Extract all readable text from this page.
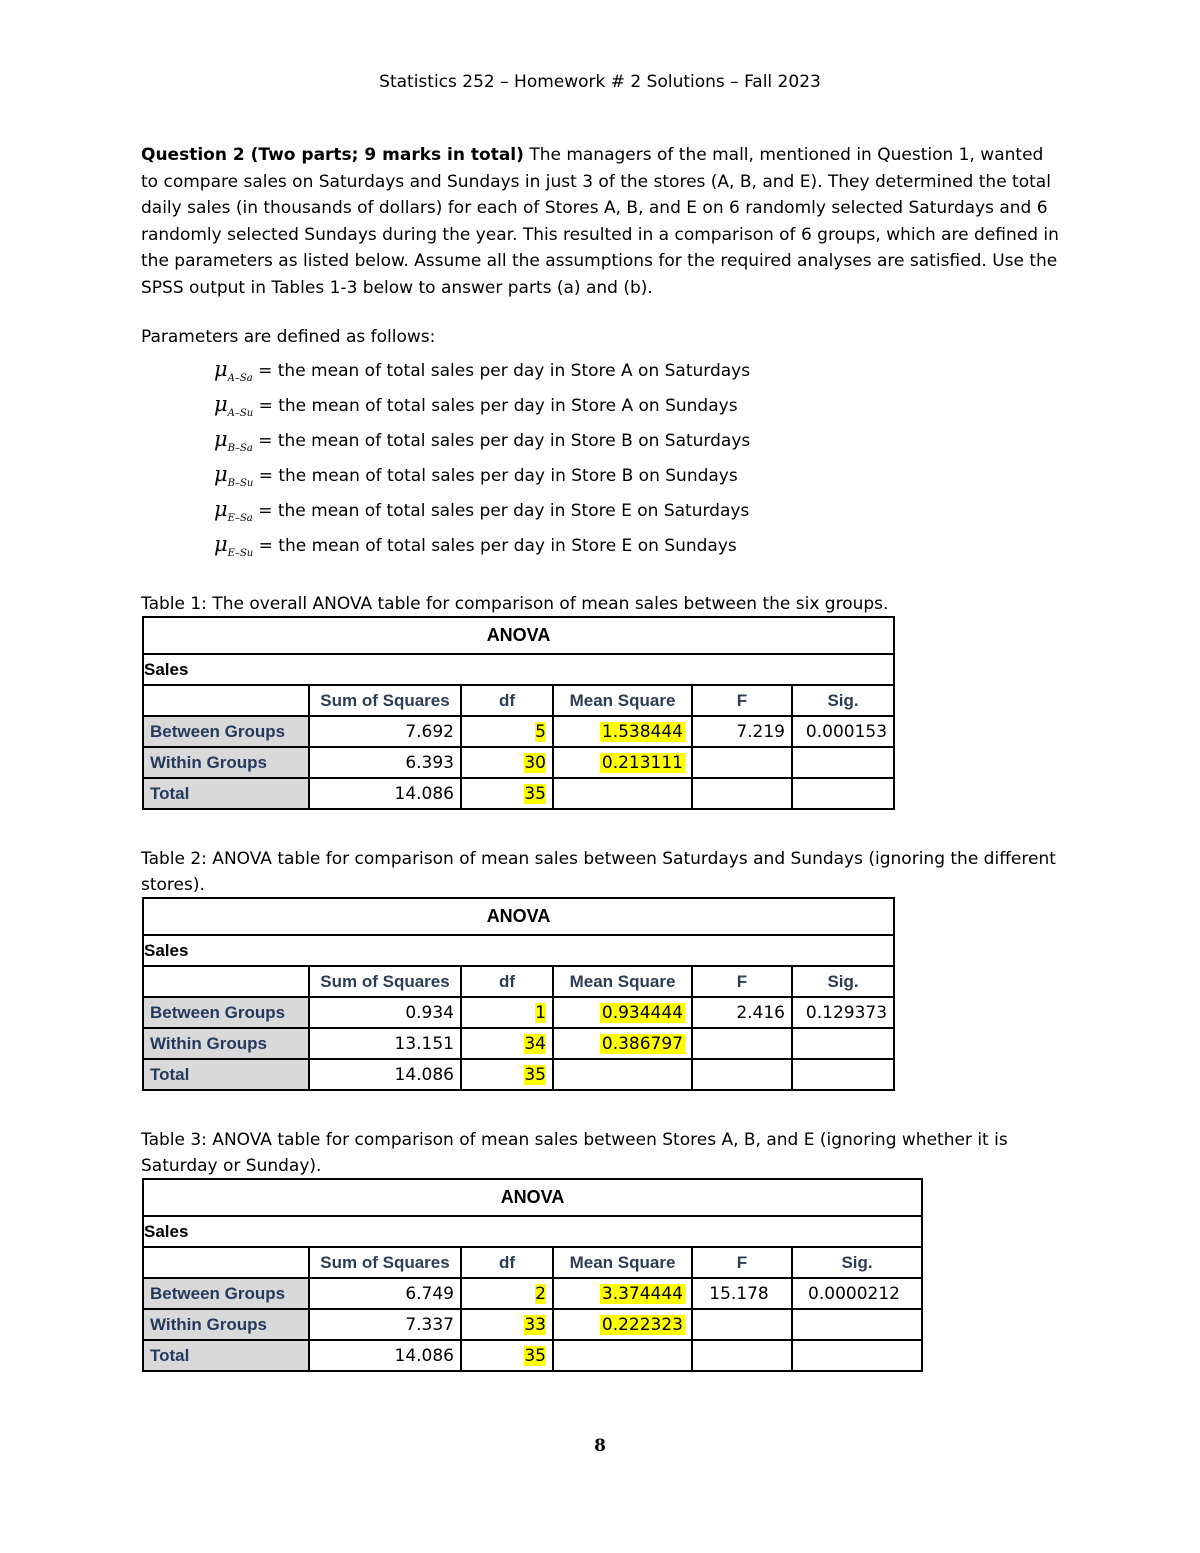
Statistics 252 – Homework # 2 Solutions – Fall 2023
Question 2 (Two parts; 9 marks in total) The managers of the mall, mentioned in Question 1, wanted to compare sales on Saturdays and Sundays in just 3 of the stores (A, B, and E). They determined the total daily sales (in thousands of dollars) for each of Stores A, B, and E on 6 randomly selected Saturdays and 6 randomly selected Sundays during the year. This resulted in a comparison of 6 groups, which are defined in the parameters as listed below. Assume all the assumptions for the required analyses are satisfied. Use the SPSS output in Tables 1-3 below to answer parts (a) and (b).
Parameters are defined as follows:
$\mu_{A-Sa}$ = the mean of total sales per day in Store A on Saturdays
$\mu_{A-Su}$ = the mean of total sales per day in Store A on Sundays
$\mu_{B-Sa}$ = the mean of total sales per day in Store B on Saturdays
$\mu_{B-Su}$ = the mean of total sales per day in Store B on Sundays
$\mu_{E-Sa}$ = the mean of total sales per day in Store E on Saturdays
$\mu_{E-Su}$ = the mean of total sales per day in Store E on Sundays
Table 1: The overall ANOVA table for comparison of mean sales between the six groups.
ANOVA					
Sales					
	Sum of Squares	df	Mean Square	F	Sig.
Between Groups	7.692	5	1.538444	7.219	0.000153
Within Groups	6.393	30	0.213111		
Total	14.086	35			
Table 2: ANOVA table for comparison of mean sales between Saturdays and Sundays (ignoring the different stores).
ANOVA					
Sales					
	Sum of Squares	df	Mean Square	F	Sig.
Between Groups	0.934	1	0.934444	2.416	0.129373
Within Groups	13.151	34	0.386797		
Total	14.086	35			
Table 3: ANOVA table for comparison of mean sales between Stores A, B, and E (ignoring whether it is Saturday or Sunday).
ANOVA					
Sales					
	Sum of Squares	df	Mean Square	F	Sig.
Between Groups	6.749	2	3.374444	15.178	0.0000212
Within Groups	7.337	33	0.222323		
Total	14.086	35			
8
